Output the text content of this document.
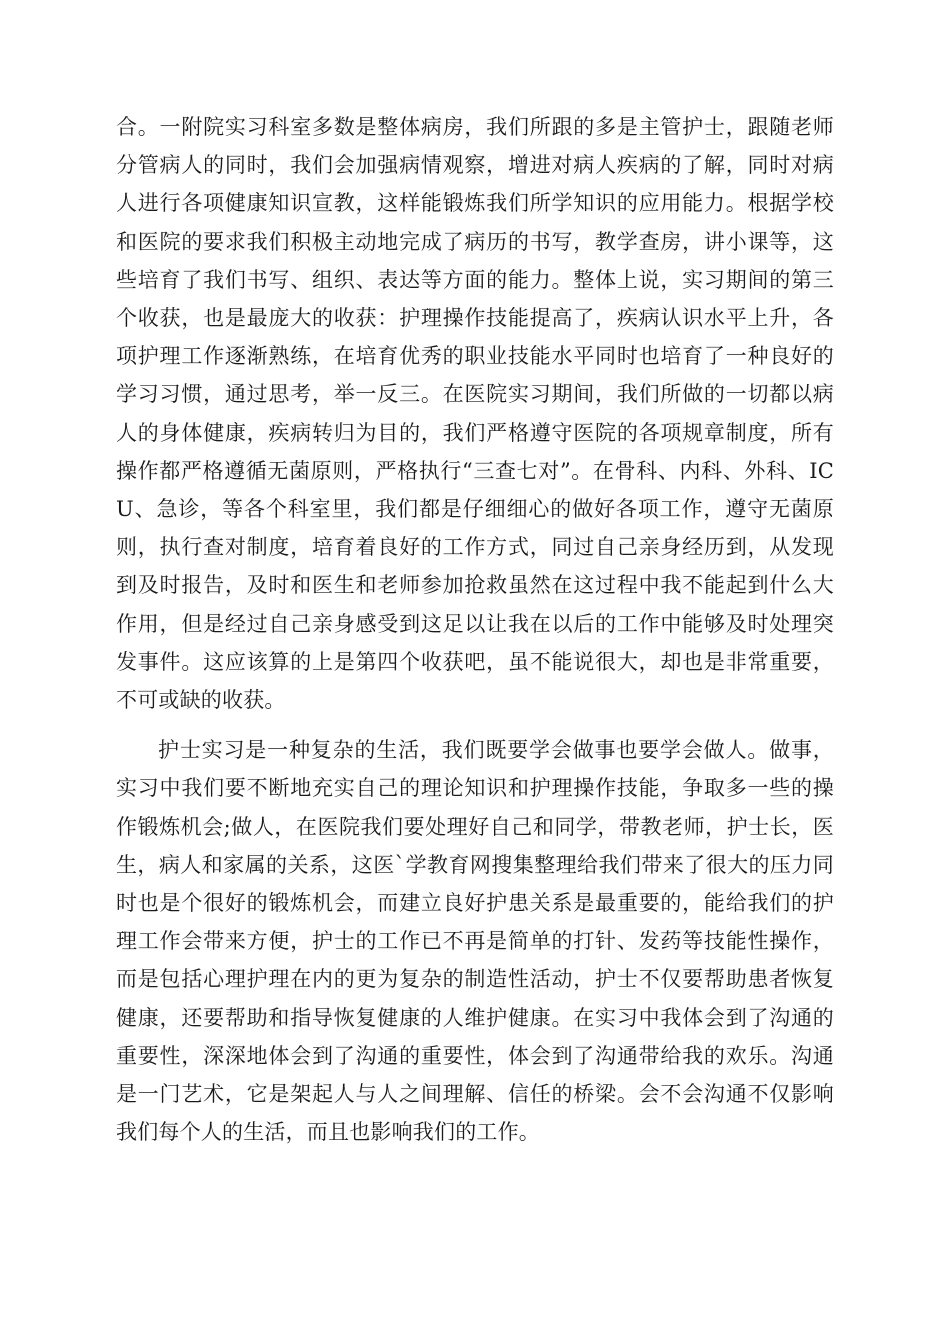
合。一附院实习科室多数是整体病房，我们所跟的多是主管护士，跟随老师分管病人的同时，我们会加强病情观察，增进对病人疾病的了解，同时对病人进行各项健康知识宣教，这样能锻炼我们所学知识的应用能力。根据学校和医院的要求我们积极主动地完成了病历的书写，教学查房，讲小课等，这些培育了我们书写、组织、表达等方面的能力。整体上说，实习期间的第三个收获，也是最庞大的收获：护理操作技能提高了，疾病认识水平上升，各项护理工作逐渐熟练，在培育优秀的职业技能水平同时也培育了一种良好的学习习惯，通过思考，举一反三。在医院实习期间，我们所做的一切都以病人的身体健康，疾病转归为目的，我们严格遵守医院的各项规章制度，所有操作都严格遵循无菌原则，严格执行“三查七对”。在骨科、内科、外科、ICU、急诊，等各个科室里，我们都是仔细细心的做好各项工作，遵守无菌原则，执行查对制度，培育着良好的工作方式，同过自己亲身经历到，从发现到及时报告，及时和医生和老师参加抢救虽然在这过程中我不能起到什么大作用，但是经过自己亲身感受到这足以让我在以后的工作中能够及时处理突发事件。这应该算的上是第四个收获吧，虽不能说很大，却也是非常重要，不可或缺的收获。

护士实习是一种复杂的生活，我们既要学会做事也要学会做人。做事，实习中我们要不断地充实自己的理论知识和护理操作技能，争取多一些的操作锻炼机会;做人，在医院我们要处理好自己和同学，带教老师，护士长，医生，病人和家属的关系，这医`学教育网搜集整理给我们带来了很大的压力同时也是个很好的锻炼机会，而建立良好护患关系是最重要的，能给我们的护理工作会带来方便，护士的工作已不再是简单的打针、发药等技能性操作，而是包括心理护理在内的更为复杂的制造性活动，护士不仅要帮助患者恢复健康，还要帮助和指导恢复健康的人维护健康。在实习中我体会到了沟通的重要性，深深地体会到了沟通的重要性，体会到了沟通带给我的欢乐。沟通是一门艺术，它是架起人与人之间理解、信任的桥梁。会不会沟通不仅影响我们每个人的生活，而且也影响我们的工作。
